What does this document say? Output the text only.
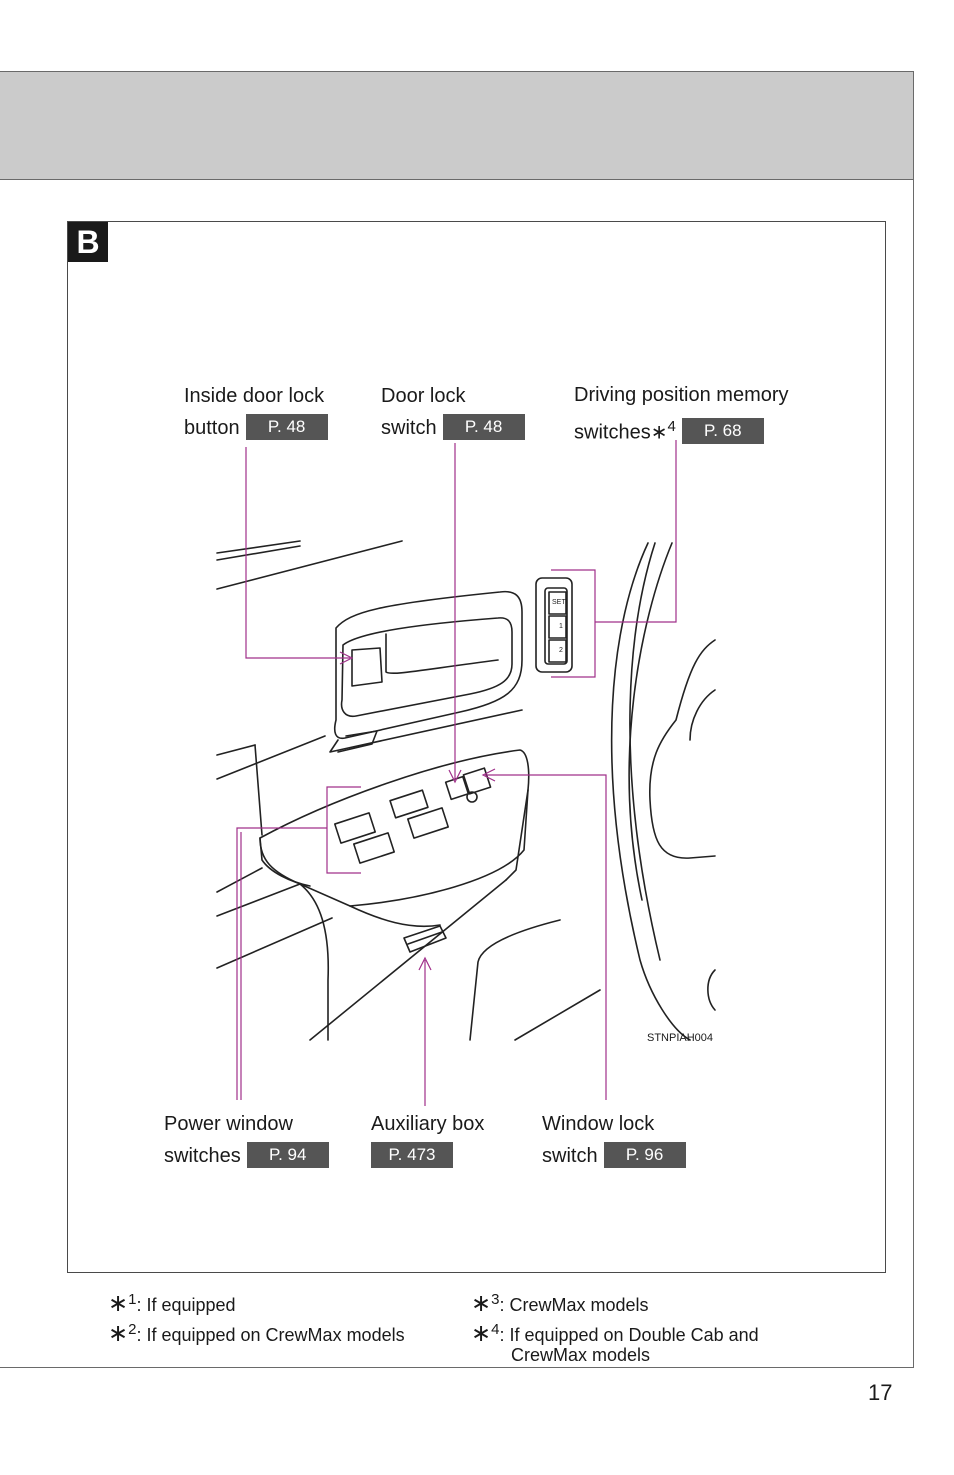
B
SET
1
2
Inside door lock
button P. 48
Door lock
switch P. 48
Driving position memory
switches∗$^4$ P. 68
Power window
switches P. 94
Auxiliary box
P. 473
Window lock
switch P. 96
STNPIAH004
∗$^1$: If equipped
∗$^2$: If equipped on CrewMax models
∗$^3$: CrewMax models
∗$^4$: If equipped on Double Cab and
CrewMax models
17
